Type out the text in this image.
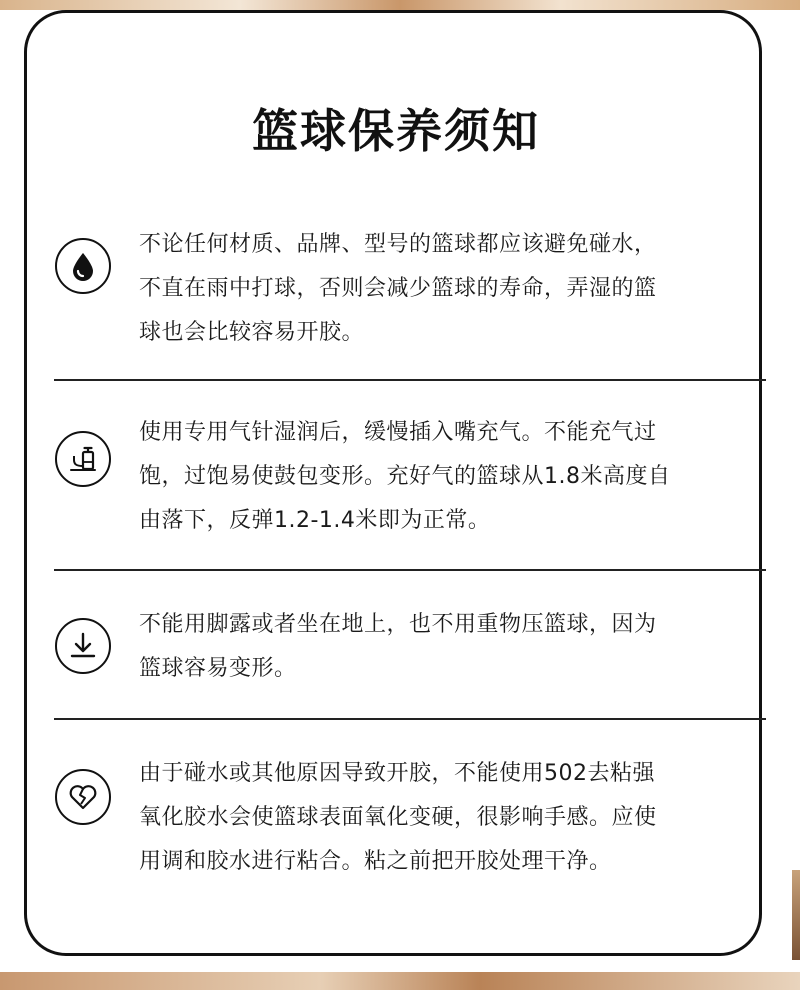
篮球保养须知

不论任何材质、品牌、型号的篮球都应该避免碰水，
不直在雨中打球，否则会减少篮球的寿命，弄湿的篮
球也会比较容易开胶。

使用专用气针湿润后，缓慢插入嘴充气。不能充气过
饱，过饱易使鼓包变形。充好气的篮球从1.8米高度自
由落下，反弹1.2-1.4米即为正常。

不能用脚露或者坐在地上，也不用重物压篮球，因为
篮球容易变形。

由于碰水或其他原因导致开胶，不能使用502去粘强
氧化胶水会使篮球表面氧化变硬，很影响手感。应使
用调和胶水进行粘合。粘之前把开胶处理干净。
